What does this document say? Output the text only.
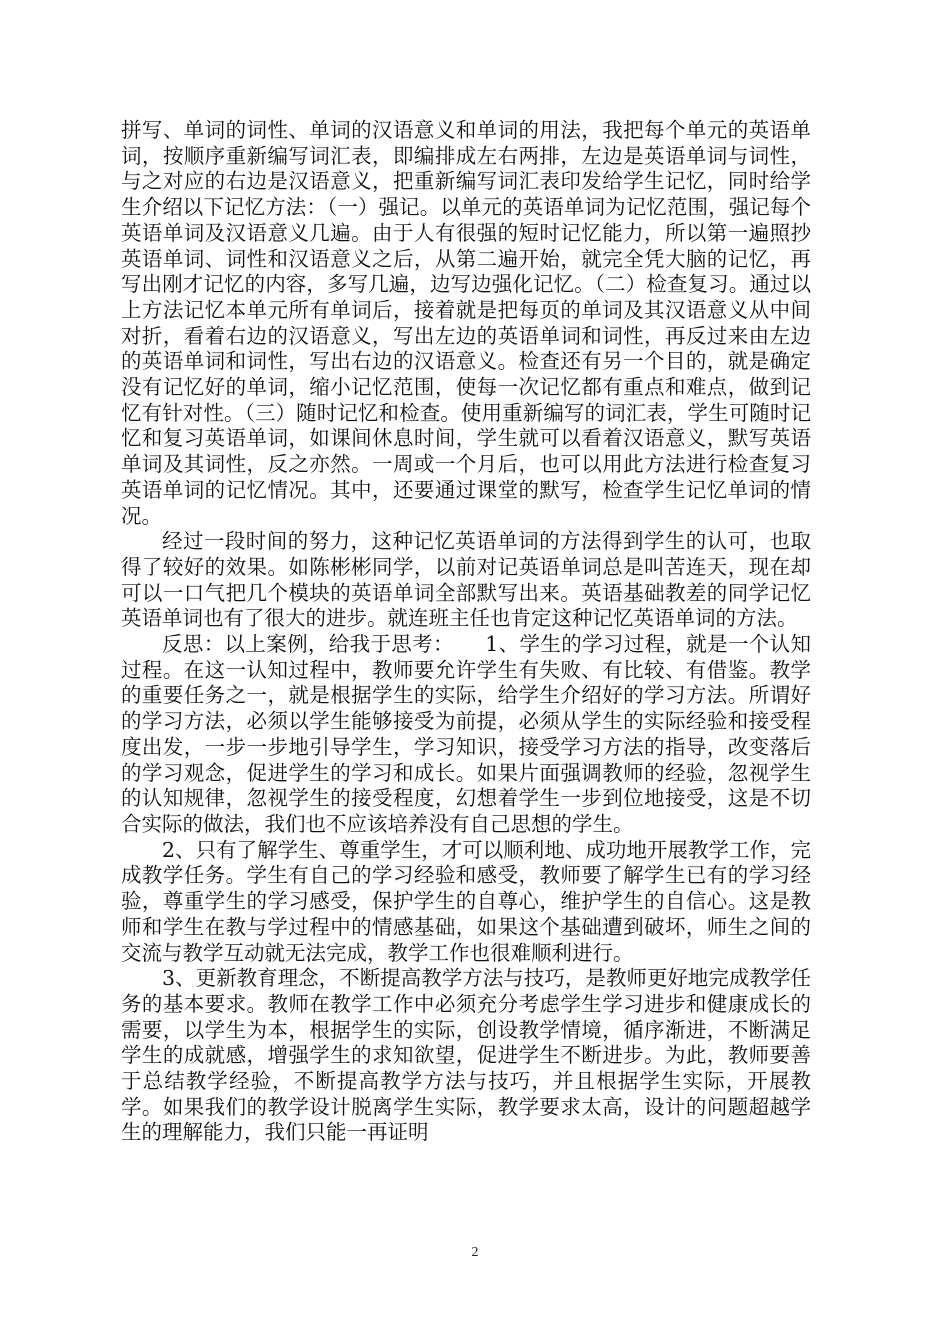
拼写、单词的词性、单词的汉语意义和单词的用法，我把每个单元的英语单词，按顺序重新编写词汇表，即编排成左右两排，左边是英语单词与词性，与之对应的右边是汉语意义，把重新编写词汇表印发给学生记忆，同时给学生介绍以下记忆方法：（一）强记。以单元的英语单词为记忆范围，强记每个英语单词及汉语意义几遍。由于人有很强的短时记忆能力，所以第一遍照抄英语单词、词性和汉语意义之后，从第二遍开始，就完全凭大脑的记忆，再写出刚才记忆的内容，多写几遍，边写边强化记忆。（二）检查复习。通过以上方法记忆本单元所有单词后，接着就是把每页的单词及其汉语意义从中间对折，看着右边的汉语意义，写出左边的英语单词和词性，再反过来由左边的英语单词和词性，写出右边的汉语意义。检查还有另一个目的，就是确定没有记忆好的单词，缩小记忆范围，使每一次记忆都有重点和难点，做到记忆有针对性。（三）随时记忆和检查。使用重新编写的词汇表，学生可随时记忆和复习英语单词，如课间休息时间，学生就可以看着汉语意义，默写英语单词及其词性，反之亦然。一周或一个月后，也可以用此方法进行检查复习英语单词的记忆情况。其中，还要通过课堂的默写，检查学生记忆单词的情况。

经过一段时间的努力，这种记忆英语单词的方法得到学生的认可，也取得了较好的效果。如陈彬彬同学，以前对记英语单词总是叫苦连天，现在却可以一口气把几个模块的英语单词全部默写出来。英语基础教差的同学记忆英语单词也有了很大的进步。就连班主任也肯定这种记忆英语单词的方法。

反思：以上案例，给我于思考：　　1、学生的学习过程，就是一个认知过程。在这一认知过程中，教师要允许学生有失败、有比较、有借鉴。教学的重要任务之一，就是根据学生的实际，给学生介绍好的学习方法。所谓好的学习方法，必须以学生能够接受为前提，必须从学生的实际经验和接受程度出发，一步一步地引导学生，学习知识，接受学习方法的指导，改变落后的学习观念，促进学生的学习和成长。如果片面强调教师的经验，忽视学生的认知规律，忽视学生的接受程度，幻想着学生一步到位地接受，这是不切合实际的做法，我们也不应该培养没有自己思想的学生。

2、只有了解学生、尊重学生，才可以顺利地、成功地开展教学工作，完成教学任务。学生有自己的学习经验和感受，教师要了解学生已有的学习经验，尊重学生的学习感受，保护学生的自尊心，维护学生的自信心。这是教师和学生在教与学过程中的情感基础，如果这个基础遭到破坏，师生之间的交流与教学互动就无法完成，教学工作也很难顺利进行。

3、更新教育理念，不断提高教学方法与技巧，是教师更好地完成教学任务的基本要求。教师在教学工作中必须充分考虑学生学习进步和健康成长的需要，以学生为本，根据学生的实际，创设教学情境，循序渐进，不断满足学生的成就感，增强学生的求知欲望，促进学生不断进步。为此，教师要善于总结教学经验，不断提高教学方法与技巧，并且根据学生实际，开展教学。如果我们的教学设计脱离学生实际，教学要求太高，设计的问题超越学生的理解能力，我们只能一再证明

2
